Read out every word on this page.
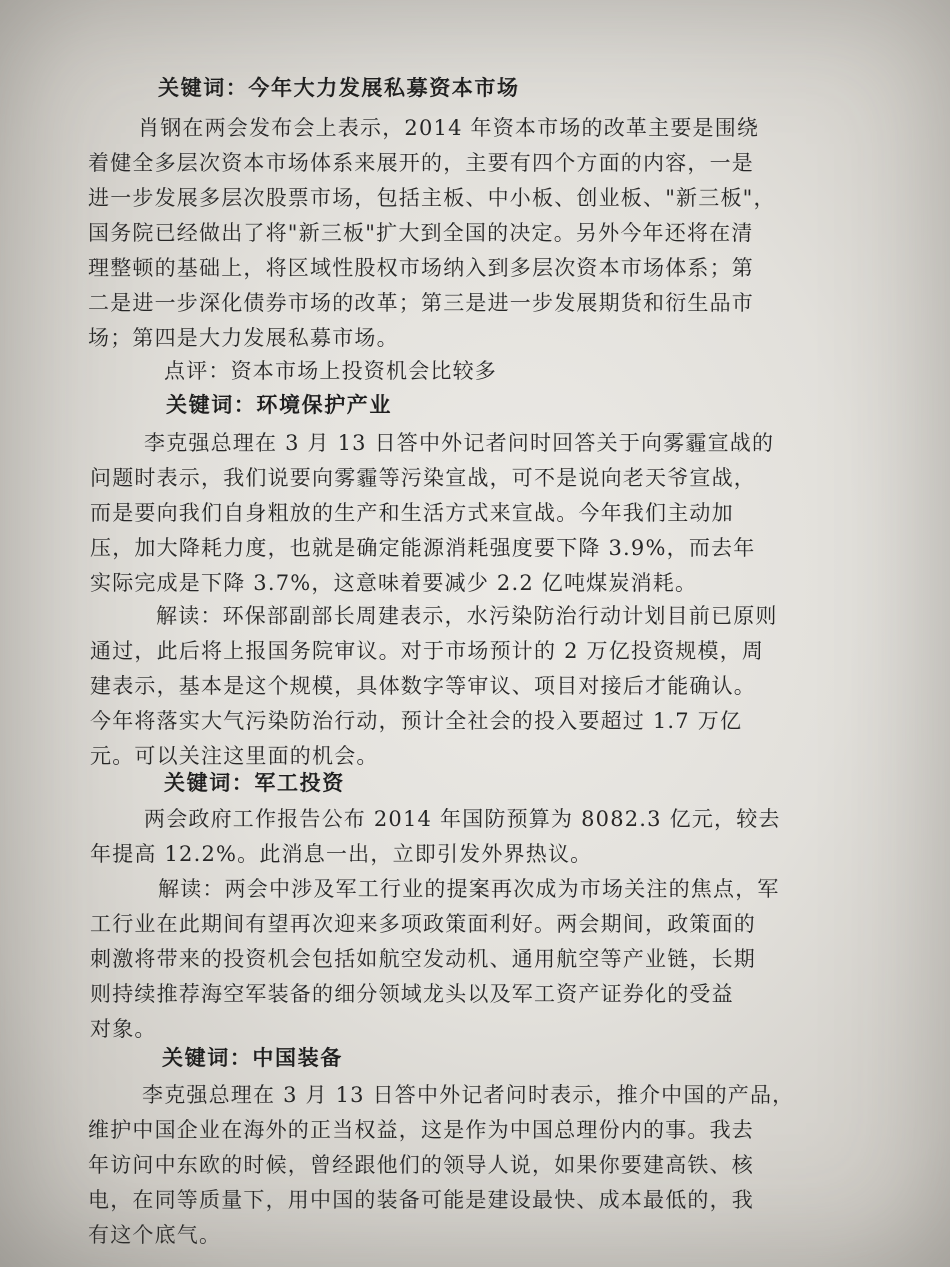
关键词：今年大力发展私募资本市场
肖钢在两会发布会上表示，2014 年资本市场的改革主要是围绕
着健全多层次资本市场体系来展开的，主要有四个方面的内容，一是
进一步发展多层次股票市场，包括主板、中小板、创业板、"新三板"，
国务院已经做出了将"新三板"扩大到全国的决定。另外今年还将在清
理整顿的基础上，将区域性股权市场纳入到多层次资本市场体系；第
二是进一步深化债券市场的改革；第三是进一步发展期货和衍生品市
场；第四是大力发展私募市场。
点评：资本市场上投资机会比较多
关键词：环境保护产业
李克强总理在 3 月 13 日答中外记者问时回答关于向雾霾宣战的
问题时表示，我们说要向雾霾等污染宣战，可不是说向老天爷宣战，
而是要向我们自身粗放的生产和生活方式来宣战。今年我们主动加
压，加大降耗力度，也就是确定能源消耗强度要下降 3.9%，而去年
实际完成是下降 3.7%，这意味着要减少 2.2 亿吨煤炭消耗。
解读：环保部副部长周建表示，水污染防治行动计划目前已原则
通过，此后将上报国务院审议。对于市场预计的 2 万亿投资规模，周
建表示，基本是这个规模，具体数字等审议、项目对接后才能确认。
今年将落实大气污染防治行动，预计全社会的投入要超过 1.7 万亿
元。可以关注这里面的机会。
关键词：军工投资
两会政府工作报告公布 2014 年国防预算为 8082.3 亿元，较去
年提高 12.2%。此消息一出，立即引发外界热议。
解读：两会中涉及军工行业的提案再次成为市场关注的焦点，军
工行业在此期间有望再次迎来多项政策面利好。两会期间，政策面的
刺激将带来的投资机会包括如航空发动机、通用航空等产业链，长期
则持续推荐海空军装备的细分领域龙头以及军工资产证券化的受益
对象。
关键词：中国装备
李克强总理在 3 月 13 日答中外记者问时表示，推介中国的产品，
维护中国企业在海外的正当权益，这是作为中国总理份内的事。我去
年访问中东欧的时候，曾经跟他们的领导人说，如果你要建高铁、核
电，在同等质量下，用中国的装备可能是建设最快、成本最低的，我
有这个底气。
